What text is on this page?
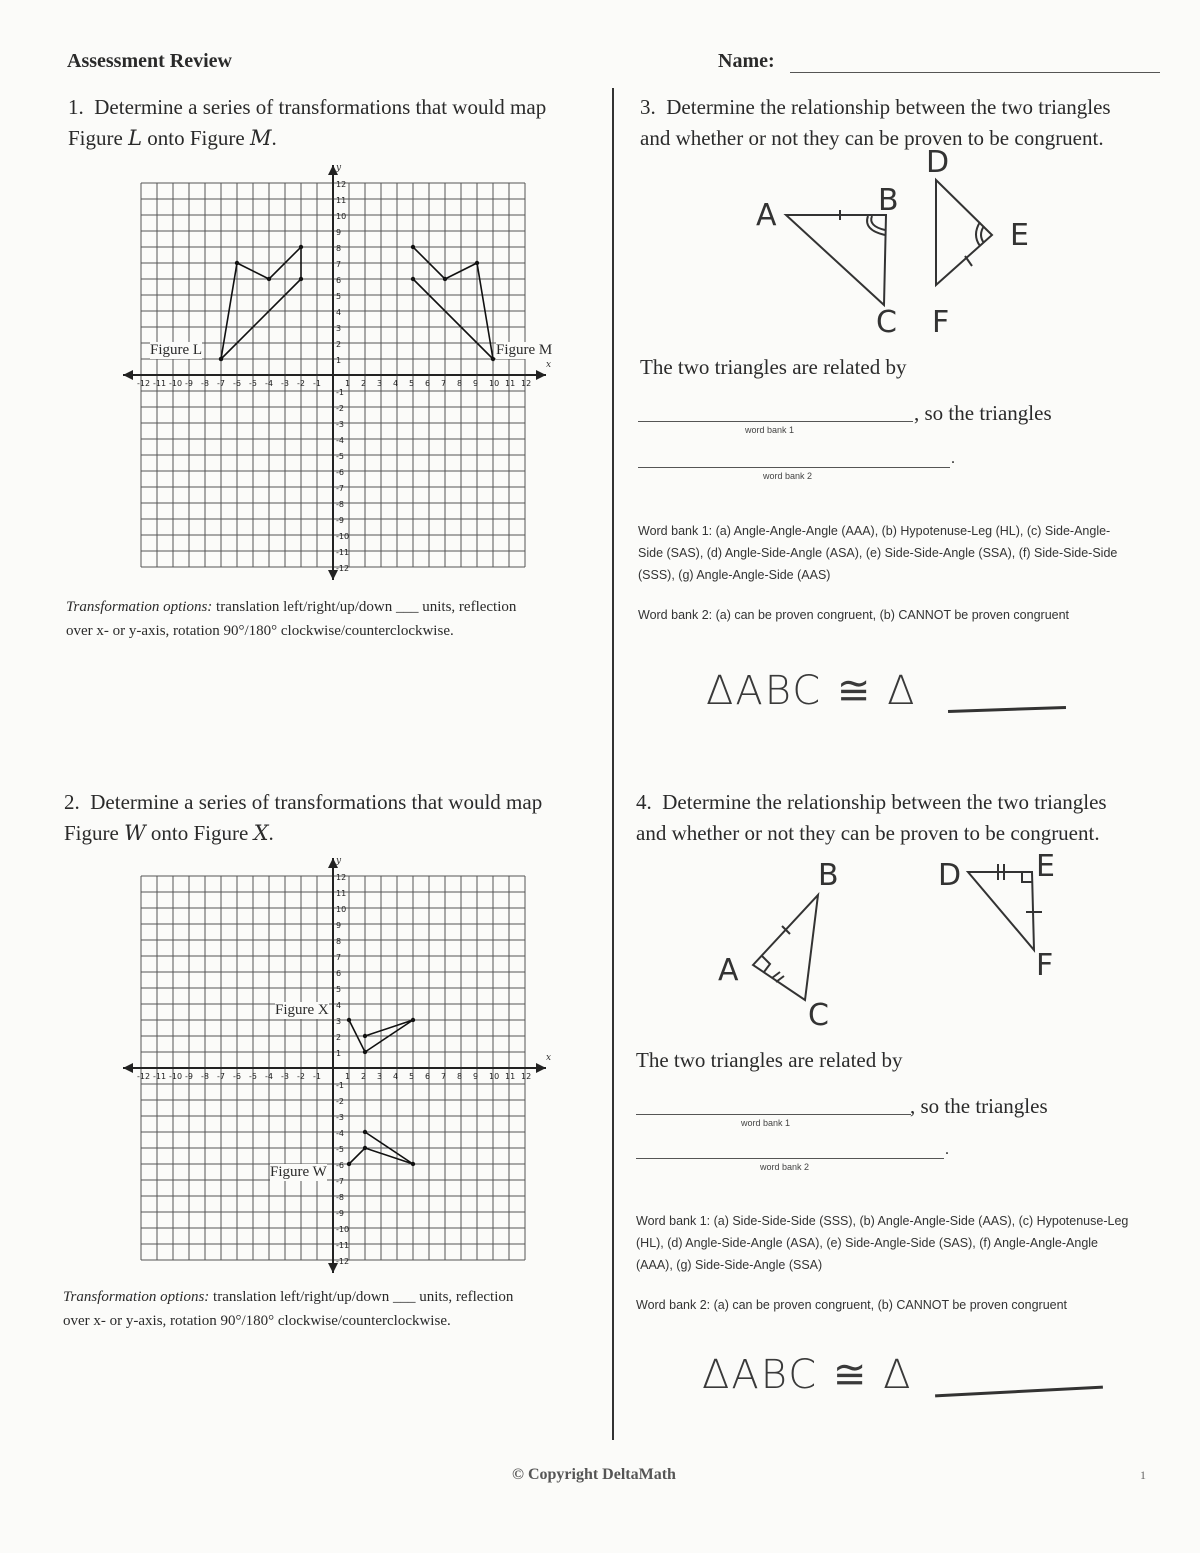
Assessment Review	Name:
1. Determine a series of transformations that would map
Figure L onto Figure M.
x
y
-12 -11 -10 -9 -8 -7 -6 -5 -4 -3 -2 -1	1 2 3 4 5 6 7 8 9 10 11 12
12
11
10
9
8
7
6
5
4
3
2
1
-1
-2
-3
-4
-5
-6
-7
-8
-9
-10
-11
-12
Figure L	Figure M
Transformation options: translation left/right/up/down ___ units, reflection
over x- or y-axis, rotation 90°/180° clockwise/counterclockwise.
2. Determine a series of transformations that would map
Figure W onto Figure X.
x
y
-12 -11 -10 -9 -8 -7 -6 -5 -4 -3 -2 -1	1 2 3 4 5 6 7 8 9 10 11 12
12
11
10
9
8
7
6
5
4
3
2
1
-1
-2
-3
-4
-5
-6
-7
-8
-9
-10
-11
-12
Figure X
Figure W
Transformation options: translation left/right/up/down ___ units, reflection
over x- or y-axis, rotation 90°/180° clockwise/counterclockwise.
3. Determine the relationship between the two triangles
and whether or not they can be proven to be congruent.
A	B
C
D
E
F
The two triangles are related by
, so the triangles
word bank 1
.
word bank 2
Word bank 1: (a) Angle-Angle-Angle (AAA), (b) Hypotenuse-Leg (HL), (c) Side-Angle-
Side (SAS), (d) Angle-Side-Angle (ASA), (e) Side-Side-Angle (SSA), (f) Side-Side-Side
(SSS), (g) Angle-Angle-Side (AAS)
Word bank 2: (a) can be proven congruent, (b) CANNOT be proven congruent
ΔABC ≅ Δ
4. Determine the relationship between the two triangles
and whether or not they can be proven to be congruent.
A
B
C
D E
F
The two triangles are related by
, so the triangles
word bank 1
.
word bank 2
Word bank 1: (a) Side-Side-Side (SSS), (b) Angle-Angle-Side (AAS), (c) Hypotenuse-Leg
(HL), (d) Angle-Side-Angle (ASA), (e) Side-Angle-Side (SAS), (f) Angle-Angle-Angle
(AAA), (g) Side-Side-Angle (SSA)
Word bank 2: (a) can be proven congruent, (b) CANNOT be proven congruent
ΔABC ≅ Δ
© Copyright DeltaMath	1
